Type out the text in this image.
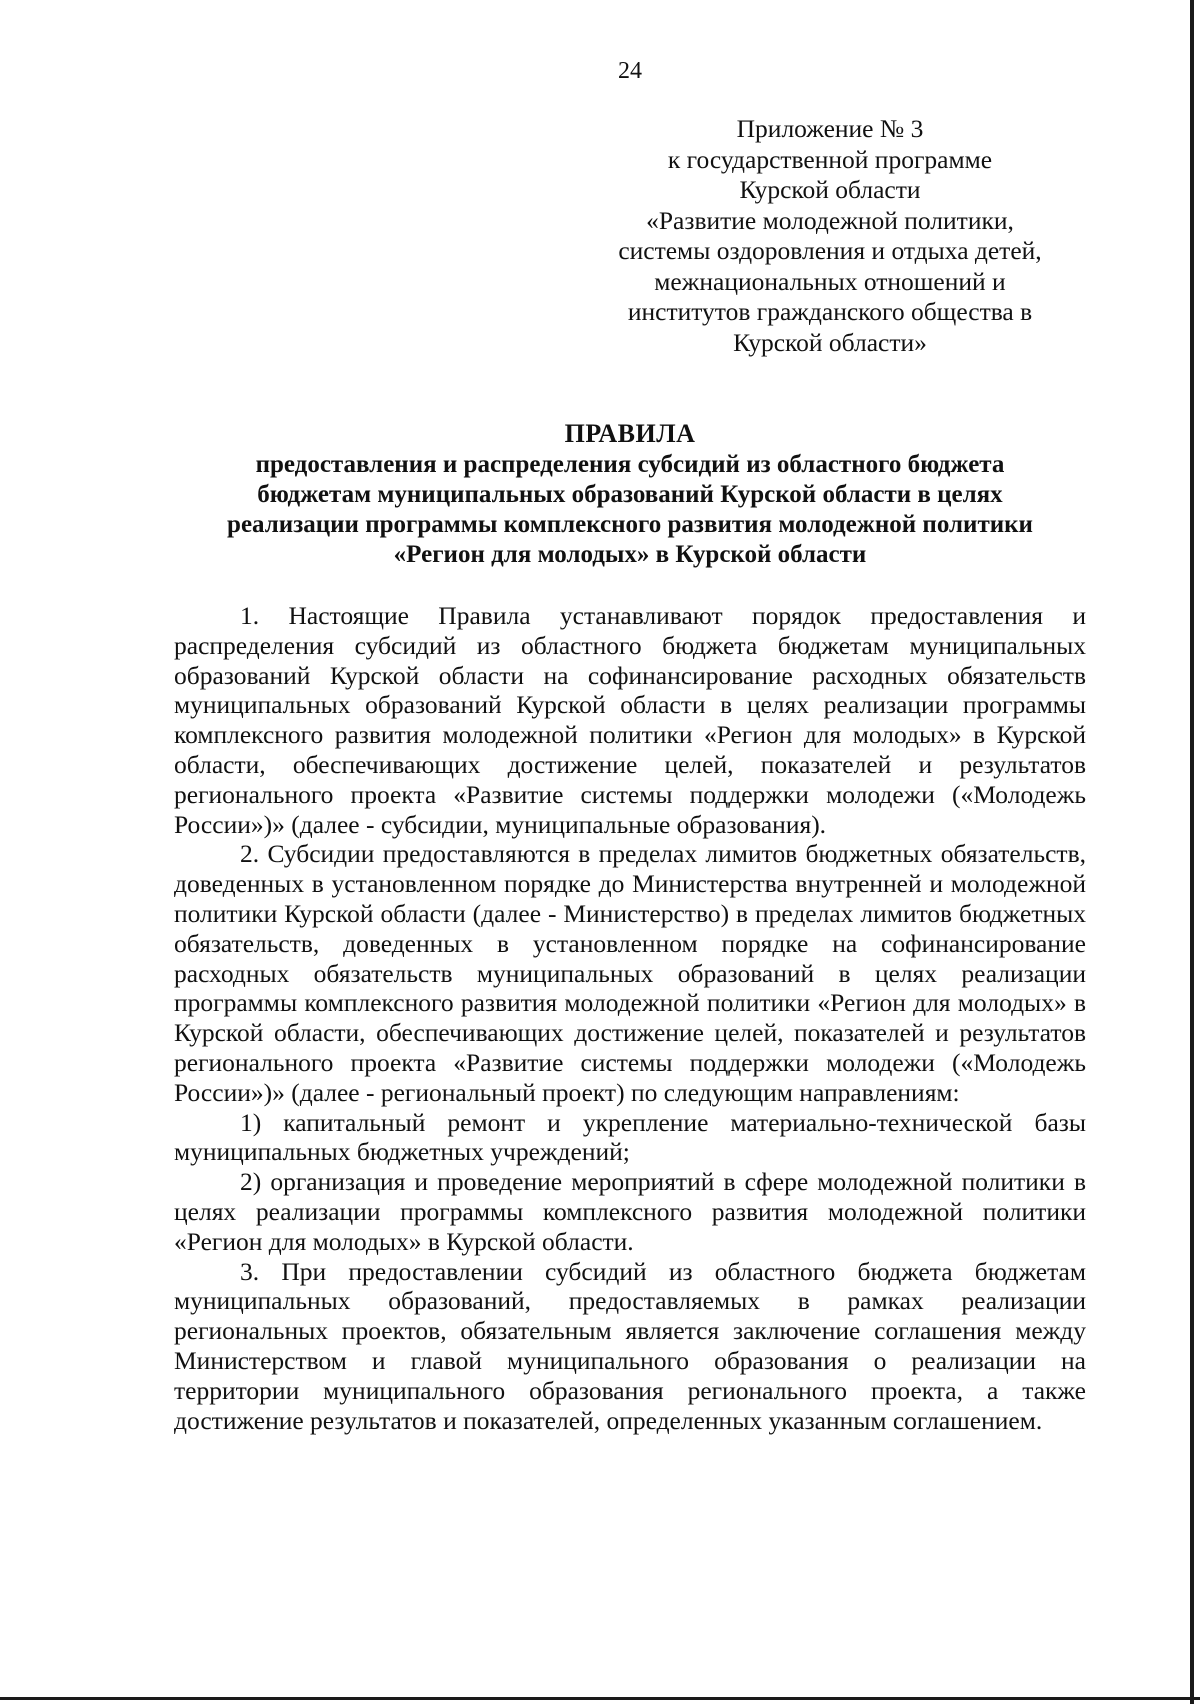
24
Приложение № 3
к государственной программе
Курской области
«Развитие молодежной политики,
системы оздоровления и отдыха детей,
межнациональных отношений и
институтов гражданского общества в
Курской области»
ПРАВИЛА
предоставления и распределения субсидий из областного бюджета
бюджетам муниципальных образований Курской области в целях
реализации программы комплексного развития молодежной политики
«Регион для молодых» в Курской области

1. Настоящие Правила устанавливают порядок предоставления и распределения субсидий из областного бюджета бюджетам муниципальных образований Курской области на софинансирование расходных обязательств муниципальных образований Курской области в целях реализации программы комплексного развития молодежной политики «Регион для молодых» в Курской области, обеспечивающих достижение целей, показателей и результатов регионального проекта «Развитие системы поддержки молодежи («Молодежь России»)» (далее - субсидии, муниципальные образования).

2. Субсидии предоставляются в пределах лимитов бюджетных обязательств, доведенных в установленном порядке до Министерства внутренней и молодежной политики Курской области (далее - Министерство) в пределах лимитов бюджетных обязательств, доведенных в установленном порядке на софинансирование расходных обязательств муниципальных образований в целях реализации программы комплексного развития молодежной политики «Регион для молодых» в Курской области, обеспечивающих достижение целей, показателей и результатов регионального проекта «Развитие системы поддержки молодежи («Молодежь России»)» (далее - региональный проект) по следующим направлениям:

1) капитальный ремонт и укрепление материально-технической базы муниципальных бюджетных учреждений;

2) организация и проведение мероприятий в сфере молодежной политики в целях реализации программы комплексного развития молодежной политики «Регион для молодых» в Курской области.

3. При предоставлении субсидий из областного бюджета бюджетам муниципальных образований, предоставляемых в рамках реализации региональных проектов, обязательным является заключение соглашения между Министерством и главой муниципального образования о реализации на территории муниципального образования регионального проекта, а также достижение результатов и показателей, определенных указанным соглашением.
